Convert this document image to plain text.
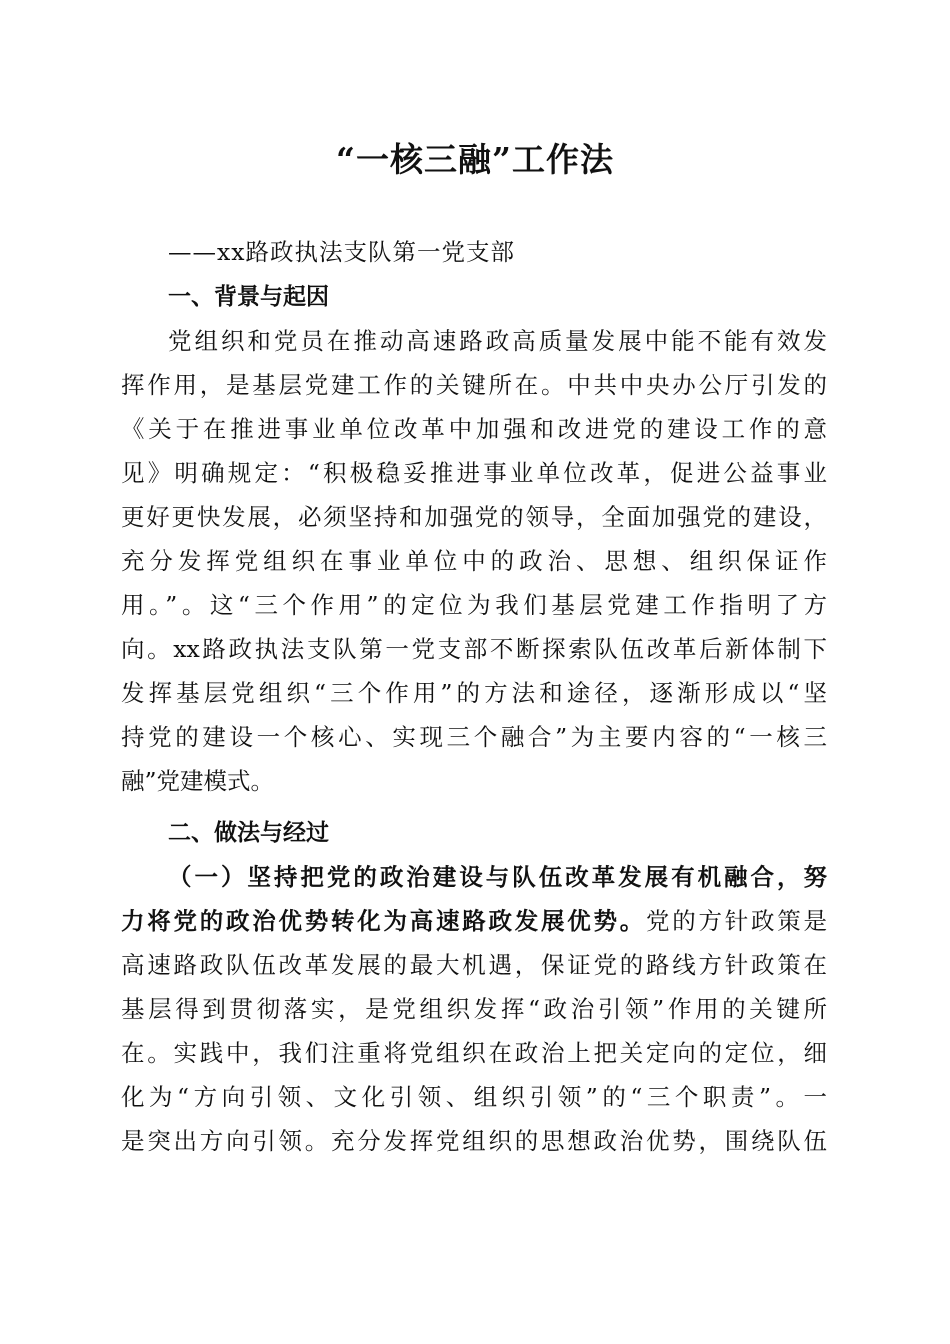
“一核三融”工作法
——xx路政执法支队第一党支部
一、背景与起因
党组织和党员在推动高速路政高质量发展中能不能有效发
挥作用，是基层党建工作的关键所在。中共中央办公厅引发的
《关于在推进事业单位改革中加强和改进党的建设工作的意
见》明确规定：“积极稳妥推进事业单位改革，促进公益事业
更好更快发展，必须坚持和加强党的领导，全面加强党的建设，
充分发挥党组织在事业单位中的政治、思想、组织保证作
用。”。这“三个作用”的定位为我们基层党建工作指明了方
向。xx路政执法支队第一党支部不断探索队伍改革后新体制下
发挥基层党组织“三个作用”的方法和途径，逐渐形成以“坚
持党的建设一个核心、实现三个融合”为主要内容的“一核三
融”党建模式。
二、做法与经过
（一）坚持把党的政治建设与队伍改革发展有机融合，努
力将党的政治优势转化为高速路政发展优势。党的方针政策是
高速路政队伍改革发展的最大机遇，保证党的路线方针政策在
基层得到贯彻落实，是党组织发挥“政治引领”作用的关键所
在。实践中，我们注重将党组织在政治上把关定向的定位，细
化为“方向引领、文化引领、组织引领”的“三个职责”。一
是突出方向引领。充分发挥党组织的思想政治优势，围绕队伍
